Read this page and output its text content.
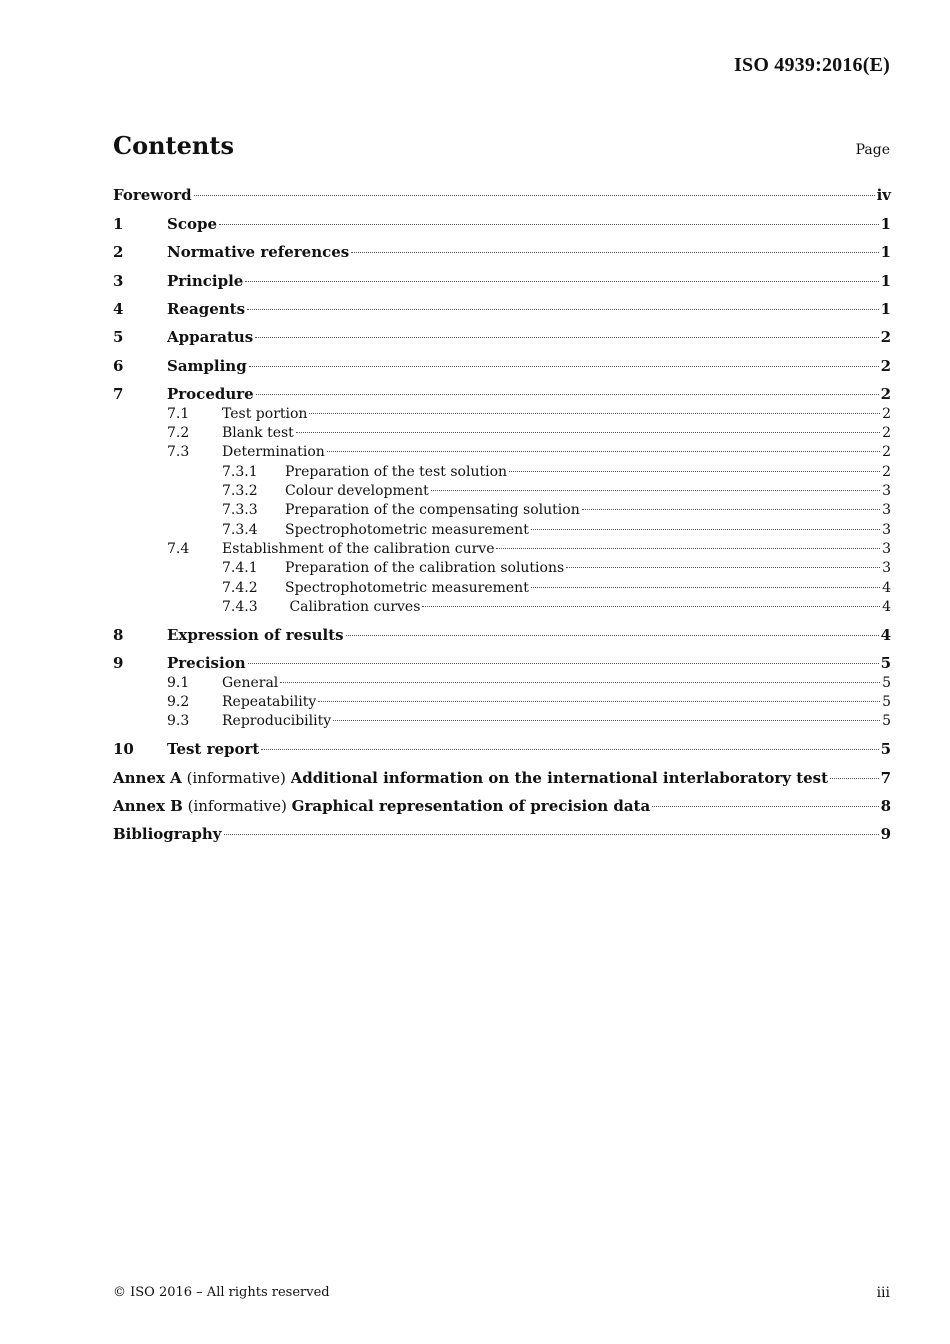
ISO 4939:2016(E)
Contents	Page
Foreword	iv
1	Scope	1
2	Normative references	1
3	Principle	1
4	Reagents	1
5	Apparatus	2
6	Sampling	2
7	Procedure	2
7.1	Test portion	2
7.2	Blank test	2
7.3	Determination	2
7.3.1	Preparation of the test solution	2
7.3.2	Colour development	3
7.3.3	Preparation of the compensating solution	3
7.3.4	Spectrophotometric measurement	3
7.4	Establishment of the calibration curve	3
7.4.1	Preparation of the calibration solutions	3
7.4.2	Spectrophotometric measurement	4
7.4.3	Calibration curves	4
8	Expression of results	4
9	Precision	5
9.1	General	5
9.2	Repeatability	5
9.3	Reproducibility	5
10	Test report	5
Annex A (informative) Additional information on the international interlaboratory test	7
Annex B (informative) Graphical representation of precision data	8
Bibliography	9
© ISO 2016 – All rights reserved	iii
